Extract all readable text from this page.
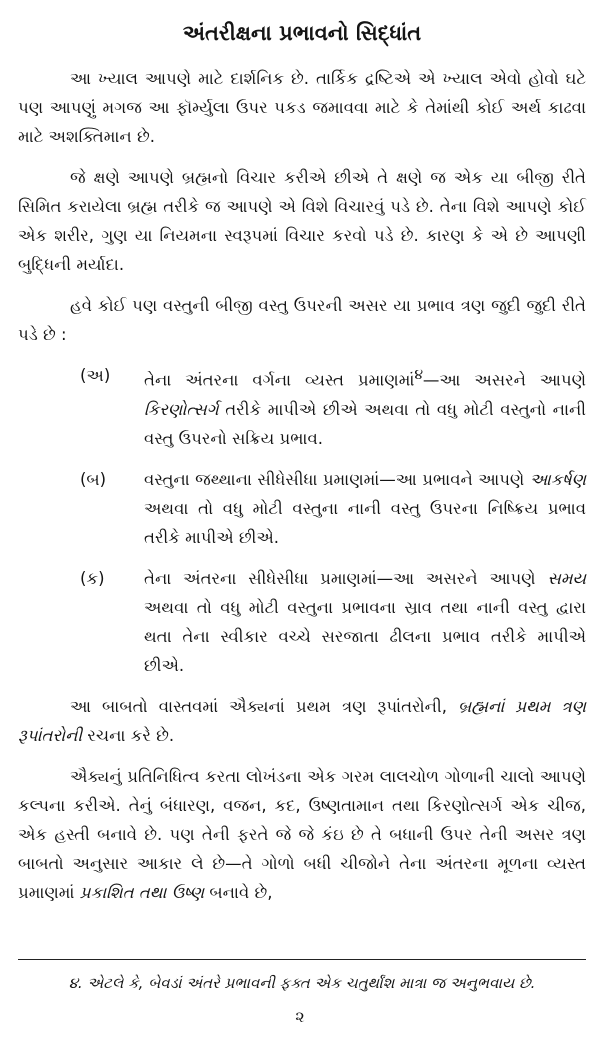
અંતરીક્ષના પ્રભાવનો સિદ્ધાંત

આ ખ્યાલ આપણે માટે દાર્શનિક છે. તાર્કિક દ્રષ્ટિએ એ ખ્યાલ એવો હોવો ઘટે પણ આપણું મગજ આ ફૉર્મ્યુલા ઉપર પકડ જમાવવા માટે કે તેમાંથી કોઈ અર્થ કાઢવા માટે અશક્તિમાન છે.

જે ક્ષણે આપણે બ્રહ્મનો વિચાર કરીએ છીએ તે ક્ષણે જ એક યા બીજી રીતે સિમિત કરાયેલા બ્રહ્મ તરીકે જ આપણે એ વિશે વિચારવું પડે છે. તેના વિશે આપણે કોઈ એક શરીર, ગુણ યા નિયમના સ્વરૂપમાં વિચાર કરવો પડે છે. કારણ કે એ છે આપણી બુદ્ધિની મર્યાદા.

હવે કોઈ પણ વસ્તુની બીજી વસ્તુ ઉપરની અસર યા પ્રભાવ ત્રણ જુદી જુદી રીતે પડે છે :

(અ)	તેના અંતરના વર્ગના વ્યસ્ત પ્રમાણમાં$^૪$—આ અસરને આપણે કિરણોત્સર્ગ તરીકે માપીએ છીએ અથવા તો વધુ મોટી વસ્તુનો નાની વસ્તુ ઉપરનો સક્રિય પ્રભાવ.
(બ)	વસ્તુના જથ્થાના સીધેસીધા પ્રમાણમાં—આ પ્રભાવને આપણે આકર્ષણ અથવા તો વધુ મોટી વસ્તુના નાની વસ્તુ ઉપરના નિષ્ક્રિય પ્રભાવ તરીકે માપીએ છીએ.
(ક)	તેના અંતરના સીધેસીધા પ્રમાણમાં—આ અસરને આપણે સમય અથવા તો વધુ મોટી વસ્તુના પ્રભાવના સ્રાવ તથા નાની વસ્તુ દ્વારા થતા તેના સ્વીકાર વચ્ચે સરજાતા ઢીલના પ્રભાવ તરીકે માપીએ છીએ.

આ બાબતો વાસ્તવમાં ઐક્યનાં પ્રથમ ત્રણ રૂપાંતરોની, બ્રહ્મનાં પ્રથમ ત્રણ રૂપાંતરોની રચના કરે છે.

ઐક્યનું પ્રતિનિધિત્વ કરતા લોખંડના એક ગરમ લાલચોળ ગોળાની ચાલો આપણે કલ્પના કરીએ. તેનું બંધારણ, વજન, કદ, ઉષ્ણતામાન તથા કિરણોત્સર્ગ એક ચીજ, એક હસ્તી બનાવે છે. પણ તેની ફરતે જે જે કંઇ છે તે બધાની ઉપર તેની અસર ત્રણ બાબતો અનુસાર આકાર લે છે—તે ગોળો બધી ચીજોને તેના અંતરના મૂળના વ્યસ્ત પ્રમાણમાં પ્રકાશિત તથા ઉષ્ણ બનાવે છે,

૪. એટલે કે, બેવડાં અંતરે પ્રભાવની ફક્ત એક ચતુર્થાંશ માત્રા જ અનુભવાય છે.
૨
